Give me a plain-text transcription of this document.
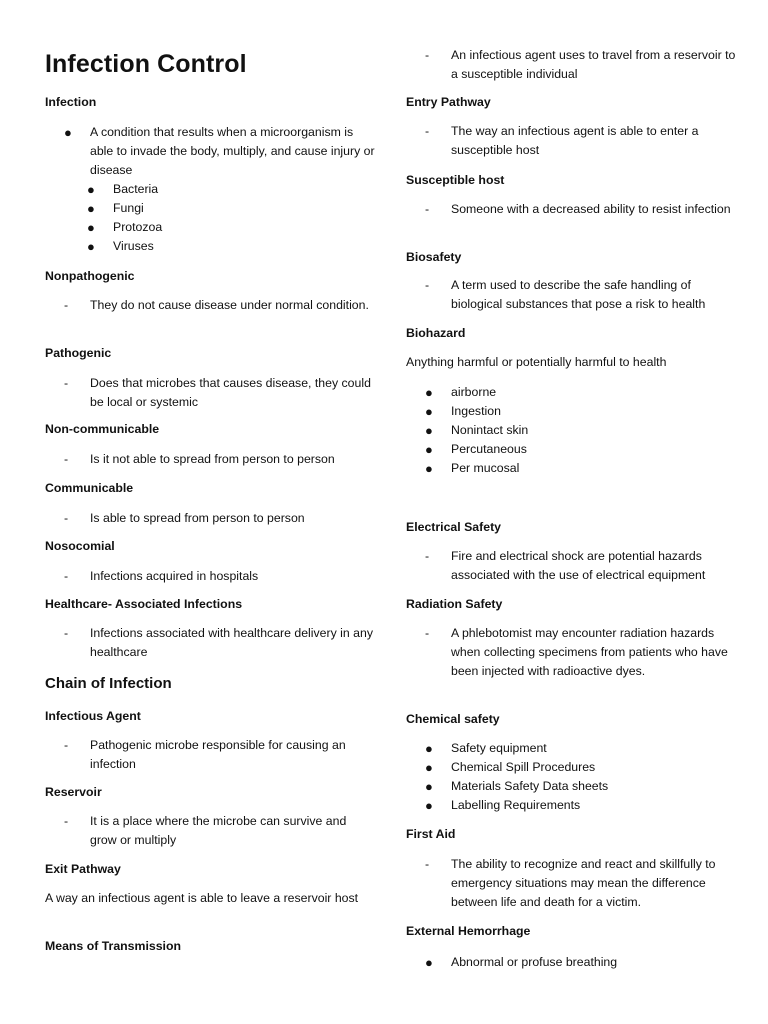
Infection Control
Infection
● A condition that results when a microorganism is able to invade the body, multiply, and cause injury or disease
● Bacteria
● Fungi
● Protozoa
● Viruses
Nonpathogenic
- They do not cause disease under normal condition.
Pathogenic
- Does that microbes that causes disease, they could be local or systemic
Non-communicable
- Is it not able to spread from person to person
Communicable
- Is able to spread from person to person
Nosocomial
- Infections acquired in hospitals
Healthcare- Associated Infections
- Infections associated with healthcare delivery in any healthcare
Chain of Infection
Infectious Agent
- Pathogenic microbe responsible for causing an infection
Reservoir
- It is a place where the microbe can survive and grow or multiply
Exit Pathway
A way an infectious agent is able to leave a reservoir host
Means of Transmission
- An infectious agent uses to travel from a reservoir to a susceptible individual
Entry Pathway
- The way an infectious agent is able to enter a susceptible host
Susceptible host
- Someone with a decreased ability to resist infection
Biosafety
- A term used to describe the safe handling of biological substances that pose a risk to health
Biohazard
Anything harmful or potentially harmful to health
● airborne
● Ingestion
● Nonintact skin
● Percutaneous
● Per mucosal
Electrical Safety
- Fire and electrical shock are potential hazards associated with the use of electrical equipment
Radiation Safety
- A phlebotomist may encounter radiation hazards when collecting specimens from patients who have been injected with radioactive dyes.
Chemical safety
● Safety equipment
● Chemical Spill Procedures
● Materials Safety Data sheets
● Labelling Requirements
First Aid
- The ability to recognize and react and skillfully to emergency situations may mean the difference between life and death for a victim.
External Hemorrhage
● Abnormal or profuse breathing
